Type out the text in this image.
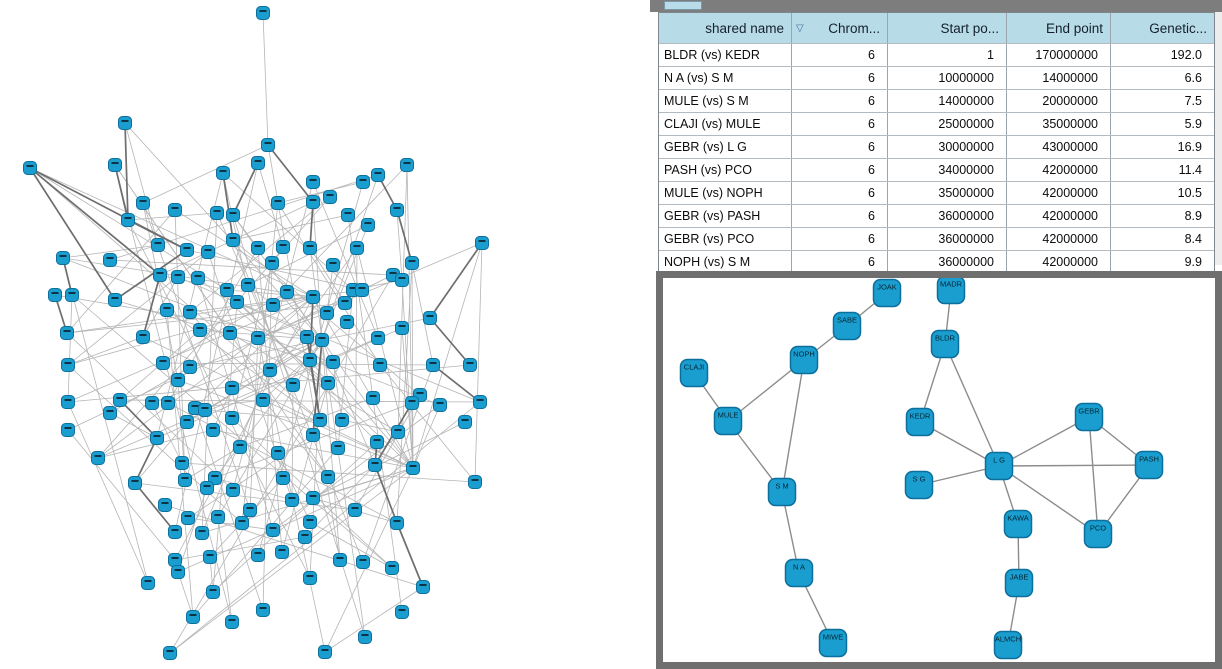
shared name	▽ Chrom...	Start po...	End point	Genetic...
BLDR (vs) KEDR	6	1	170000000	192.0
N A (vs) S M	6	10000000	14000000	6.6
MULE (vs) S M	6	14000000	20000000	7.5
CLAJI (vs) MULE	6	25000000	35000000	5.9
GEBR (vs) L G	6	30000000	43000000	16.9
PASH (vs) PCO	6	34000000	42000000	11.4
MULE (vs) NOPH	6	35000000	42000000	10.5
GEBR (vs) PASH	6	36000000	42000000	8.9
GEBR (vs) PCO	6	36000000	42000000	8.4
NOPH (vs) S M	6	36000000	42000000	9.9
JOAK	MADR
SABE
BLDR
NOPH
CLAJI
MULE	KEDR
GEBR
PASH
L G
S G
S M
KAWA
PCO
N A
JABE
MIWE	ALMCH
